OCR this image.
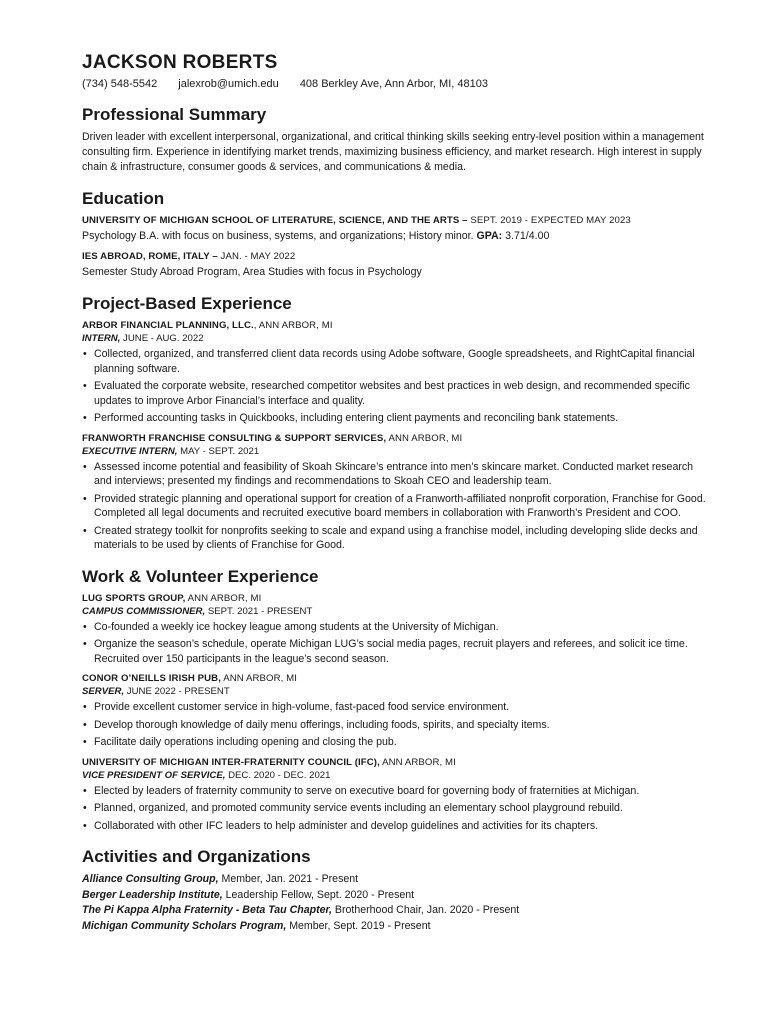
JACKSON ROBERTS
(734) 548-5542 jalexrob@umich.edu 408 Berkley Ave, Ann Arbor, MI, 48103
Professional Summary

Driven leader with excellent interpersonal, organizational, and critical thinking skills seeking entry-level position within a management consulting firm. Experience in identifying market trends, maximizing business efficiency, and market research. High interest in supply chain & infrastructure, consumer goods & services, and communications & media.

Education
UNIVERSITY OF MICHIGAN SCHOOL OF LITERATURE, SCIENCE, AND THE ARTS – SEPT. 2019 - EXPECTED MAY 2023
Psychology B.A. with focus on business, systems, and organizations; History minor. GPA: 3.71/4.00
IES ABROAD, ROME, ITALY – JAN. - MAY 2022
Semester Study Abroad Program, Area Studies with focus in Psychology
Project-Based Experience
ARBOR FINANCIAL PLANNING, LLC., ANN ARBOR, MI
INTERN, JUNE - AUG. 2022
• Collected, organized, and transferred client data records using Adobe software, Google spreadsheets, and RightCapital financial planning software.
• Evaluated the corporate website, researched competitor websites and best practices in web design, and recommended specific updates to improve Arbor Financial’s interface and quality.
• Performed accounting tasks in Quickbooks, including entering client payments and reconciling bank statements.
FRANWORTH FRANCHISE CONSULTING & SUPPORT SERVICES, ANN ARBOR, MI
EXECUTIVE INTERN, MAY - SEPT. 2021
• Assessed income potential and feasibility of Skoah Skincare’s entrance into men’s skincare market. Conducted market research and interviews; presented my findings and recommendations to Skoah CEO and leadership team.
• Provided strategic planning and operational support for creation of a Franworth-affiliated nonprofit corporation, Franchise for Good. Completed all legal documents and recruited executive board members in collaboration with Franworth’s President and COO.
• Created strategy toolkit for nonprofits seeking to scale and expand using a franchise model, including developing slide decks and materials to be used by clients of Franchise for Good.
Work & Volunteer Experience
LUG SPORTS GROUP, ANN ARBOR, MI
CAMPUS COMMISSIONER, SEPT. 2021 - PRESENT
• Co-founded a weekly ice hockey league among students at the University of Michigan.
• Organize the season’s schedule, operate Michigan LUG’s social media pages, recruit players and referees, and solicit ice time. Recruited over 150 participants in the league’s second season.
CONOR O’NEILLS IRISH PUB, ANN ARBOR, MI
SERVER, JUNE 2022 - PRESENT
• Provide excellent customer service in high-volume, fast-paced food service environment.
• Develop thorough knowledge of daily menu offerings, including foods, spirits, and specialty items.
• Facilitate daily operations including opening and closing the pub.
UNIVERSITY OF MICHIGAN INTER-FRATERNITY COUNCIL (IFC), ANN ARBOR, MI
VICE PRESIDENT OF SERVICE, DEC. 2020 - DEC. 2021
• Elected by leaders of fraternity community to serve on executive board for governing body of fraternities at Michigan.
• Planned, organized, and promoted community service events including an elementary school playground rebuild.
• Collaborated with other IFC leaders to help administer and develop guidelines and activities for its chapters.
Activities and Organizations
Alliance Consulting Group, Member, Jan. 2021 - Present
Berger Leadership Institute, Leadership Fellow, Sept. 2020 - Present
The Pi Kappa Alpha Fraternity - Beta Tau Chapter, Brotherhood Chair, Jan. 2020 - Present
Michigan Community Scholars Program, Member, Sept. 2019 - Present
